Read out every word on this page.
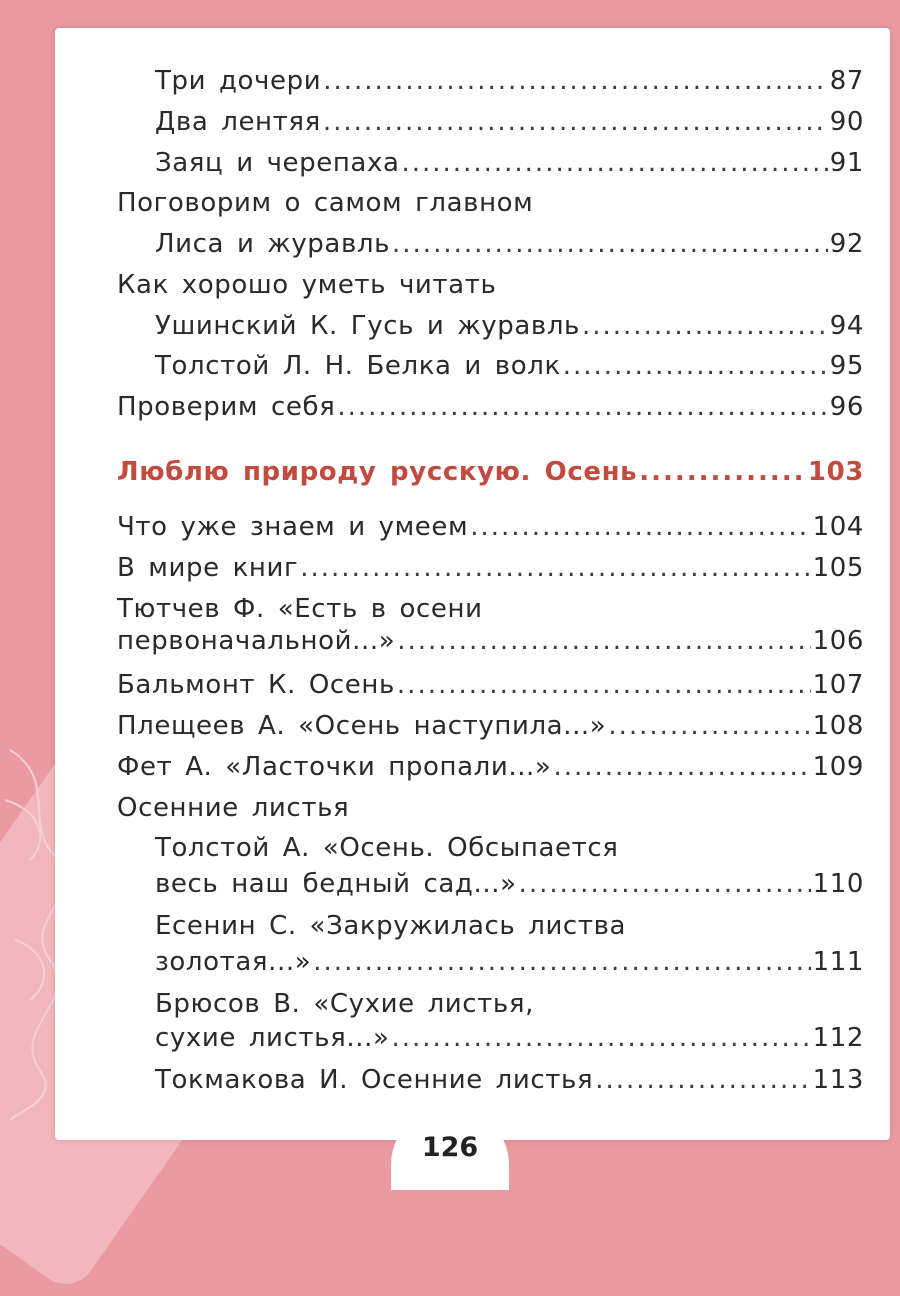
Три дочери .....	87
Два лентяя .....	90
Заяц и черепаха .....	91
Поговорим о самом главном
Лиса и журавль .....	92
Как хорошо уметь читать
Ушинский К. Гусь и журавль .....	94
Толстой Л. Н. Белка и волк .....	95
Проверим себя .....	96
Люблю природу русскую. Осень .....	103
Что уже знаем и умеем .....	104
В мире книг .....	105
Тютчев Ф. «Есть в осени
первоначальной...» .....	106
Бальмонт К. Осень .....	107
Плещеев А. «Осень наступила...» .....	108
Фет А. «Ласточки пропали...» .....	109
Осенние листья
Толстой А. «Осень. Обсыпается
весь наш бедный сад...» .....	110
Есенин С. «Закружилась листва
золотая...» .....	111
Брюсов В. «Сухие листья,
сухие листья...» .....	112
Токмакова И. Осенние листья .....	113
126
